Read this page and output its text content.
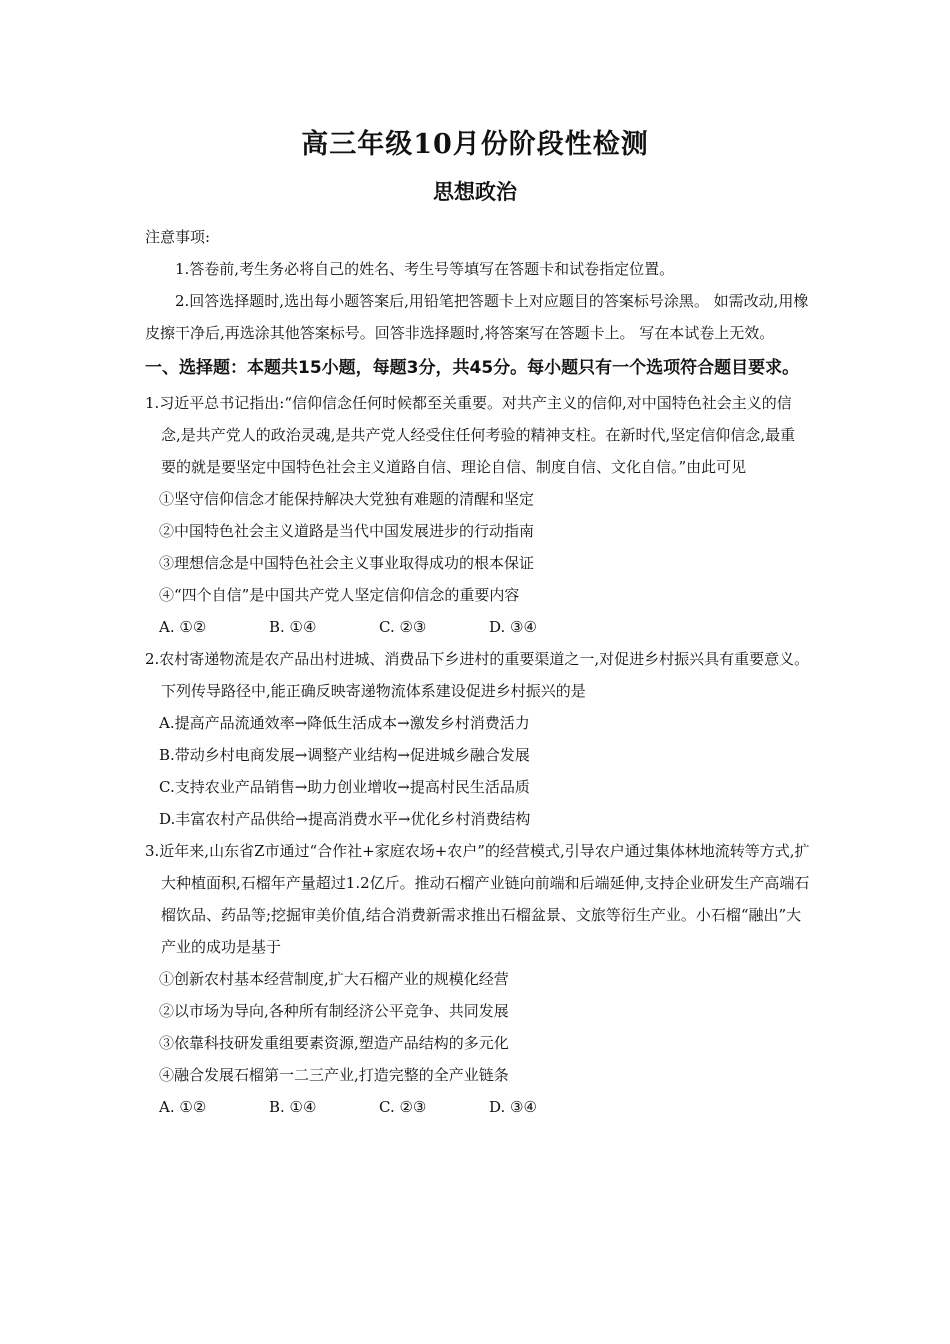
高三年级10月份阶段性检测
思想政治

注意事项:

1.答卷前,考生务必将自己的姓名、考生号等填写在答题卡和试卷指定位置。

2.回答选择题时,选出每小题答案后,用铅笔把答题卡上对应题目的答案标号涂黑。 如需改动,用橡皮擦干净后,再选涂其他答案标号。回答非选择题时,将答案写在答题卡上。 写在本试卷上无效。

一、选择题：本题共15小题，每题3分，共45分。每小题只有一个选项符合题目要求。

1.习近平总书记指出:“信仰信念任何时候都至关重要。对共产主义的信仰,对中国特色社会主义的信念,是共产党人的政治灵魂,是共产党人经受住任何考验的精神支柱。在新时代,坚定信仰信念,最重要的就是要坚定中国特色社会主义道路自信、理论自信、制度自信、文化自信。”由此可见

①坚守信仰信念才能保持解决大党独有难题的清醒和坚定

②中国特色社会主义道路是当代中国发展进步的行动指南

③理想信念是中国特色社会主义事业取得成功的根本保证

④“四个自信”是中国共产党人坚定信仰信念的重要内容

A. ①②	B. ①④	C. ②③	D. ③④

2.农村寄递物流是农产品出村进城、消费品下乡进村的重要渠道之一,对促进乡村振兴具有重要意义。下列传导路径中,能正确反映寄递物流体系建设促进乡村振兴的是

A.提高产品流通效率→降低生活成本→激发乡村消费活力

B.带动乡村电商发展→调整产业结构→促进城乡融合发展

C.支持农业产品销售→助力创业增收→提高村民生活品质

D.丰富农村产品供给→提高消费水平→优化乡村消费结构

3.近年来,山东省Z市通过“合作社+家庭农场+农户”的经营模式,引导农户通过集体林地流转等方式,扩大种植面积,石榴年产量超过1.2亿斤。推动石榴产业链向前端和后端延伸,支持企业研发生产高端石榴饮品、药品等;挖掘审美价值,结合消费新需求推出石榴盆景、文旅等衍生产业。小石榴“融出”大产业的成功是基于

①创新农村基本经营制度,扩大石榴产业的规模化经营

②以市场为导向,各种所有制经济公平竞争、共同发展

③依靠科技研发重组要素资源,塑造产品结构的多元化

④融合发展石榴第一二三产业,打造完整的全产业链条

A. ①②	B. ①④	C. ②③	D. ③④
